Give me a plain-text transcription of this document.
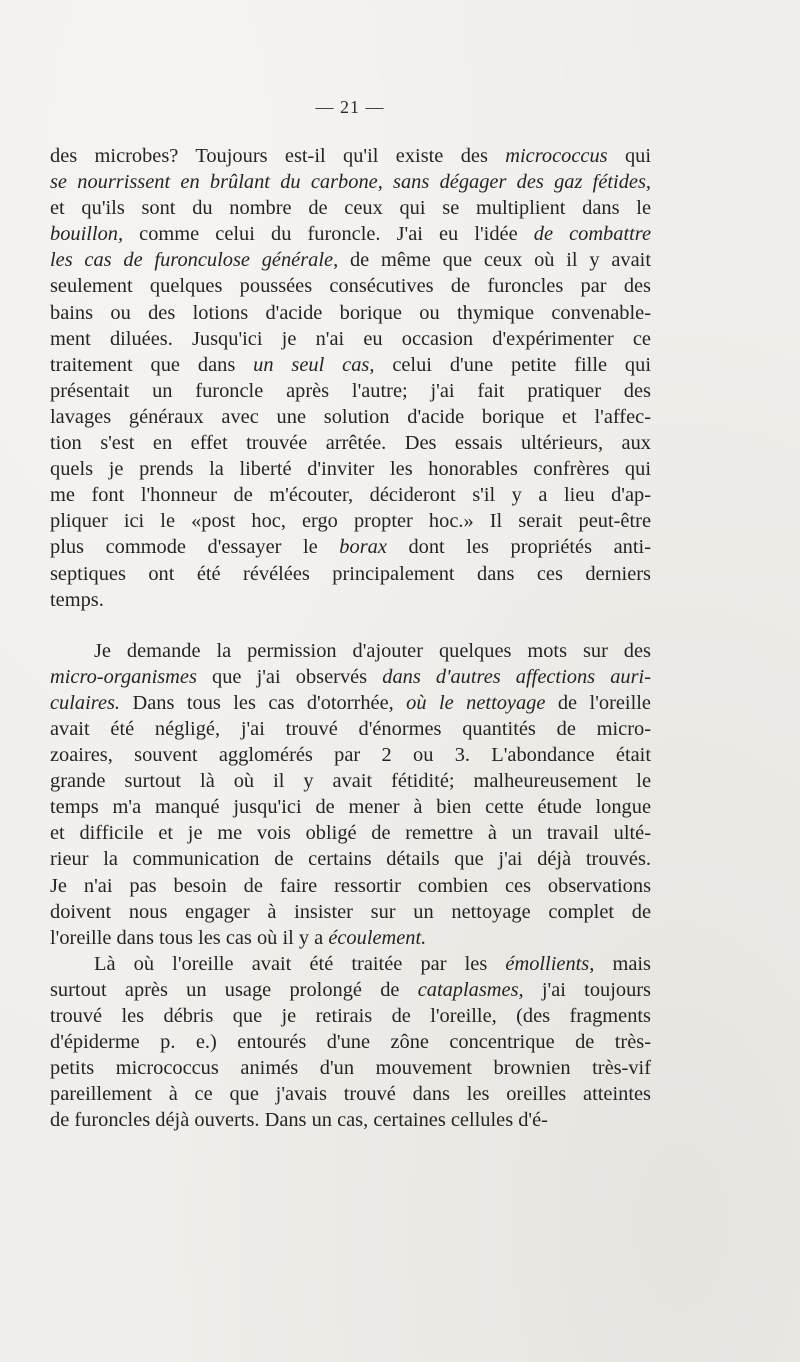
— 21 —
des microbes? Toujours est-il qu'il existe des micrococcus qui
se nourrissent en brûlant du carbone, sans dégager des gaz fétides,
et qu'ils sont du nombre de ceux qui se multiplient dans le
bouillon, comme celui du furoncle. J'ai eu l'idée de combattre
les cas de furonculose générale, de même que ceux où il y avait
seulement quelques poussées consécutives de furoncles par des
bains ou des lotions d'acide borique ou thymique convenable-
ment diluées. Jusqu'ici je n'ai eu occasion d'expérimenter ce
traitement que dans un seul cas, celui d'une petite fille qui
présentait un furoncle après l'autre; j'ai fait pratiquer des
lavages généraux avec une solution d'acide borique et l'affec-
tion s'est en effet trouvée arrêtée. Des essais ultérieurs, aux
quels je prends la liberté d'inviter les honorables confrères qui
me font l'honneur de m'écouter, décideront s'il y a lieu d'ap-
pliquer ici le «post hoc, ergo propter hoc.» Il serait peut-être
plus commode d'essayer le borax dont les propriétés anti-
septiques ont été révélées principalement dans ces derniers
temps.
Je demande la permission d'ajouter quelques mots sur des
micro-organismes que j'ai observés dans d'autres affections auri-
culaires. Dans tous les cas d'otorrhée, où le nettoyage de l'oreille
avait été négligé, j'ai trouvé d'énormes quantités de micro-
zoaires, souvent agglomérés par 2 ou 3. L'abondance était
grande surtout là où il y avait fétidité; malheureusement le
temps m'a manqué jusqu'ici de mener à bien cette étude longue
et difficile et je me vois obligé de remettre à un travail ulté-
rieur la communication de certains détails que j'ai déjà trouvés.
Je n'ai pas besoin de faire ressortir combien ces observations
doivent nous engager à insister sur un nettoyage complet de
l'oreille dans tous les cas où il y a écoulement.
Là où l'oreille avait été traitée par les émollients, mais
surtout après un usage prolongé de cataplasmes, j'ai toujours
trouvé les débris que je retirais de l'oreille, (des fragments
d'épiderme p. e.) entourés d'une zône concentrique de très-
petits micrococcus animés d'un mouvement brownien très-vif
pareillement à ce que j'avais trouvé dans les oreilles atteintes
de furoncles déjà ouverts. Dans un cas, certaines cellules d'é-
